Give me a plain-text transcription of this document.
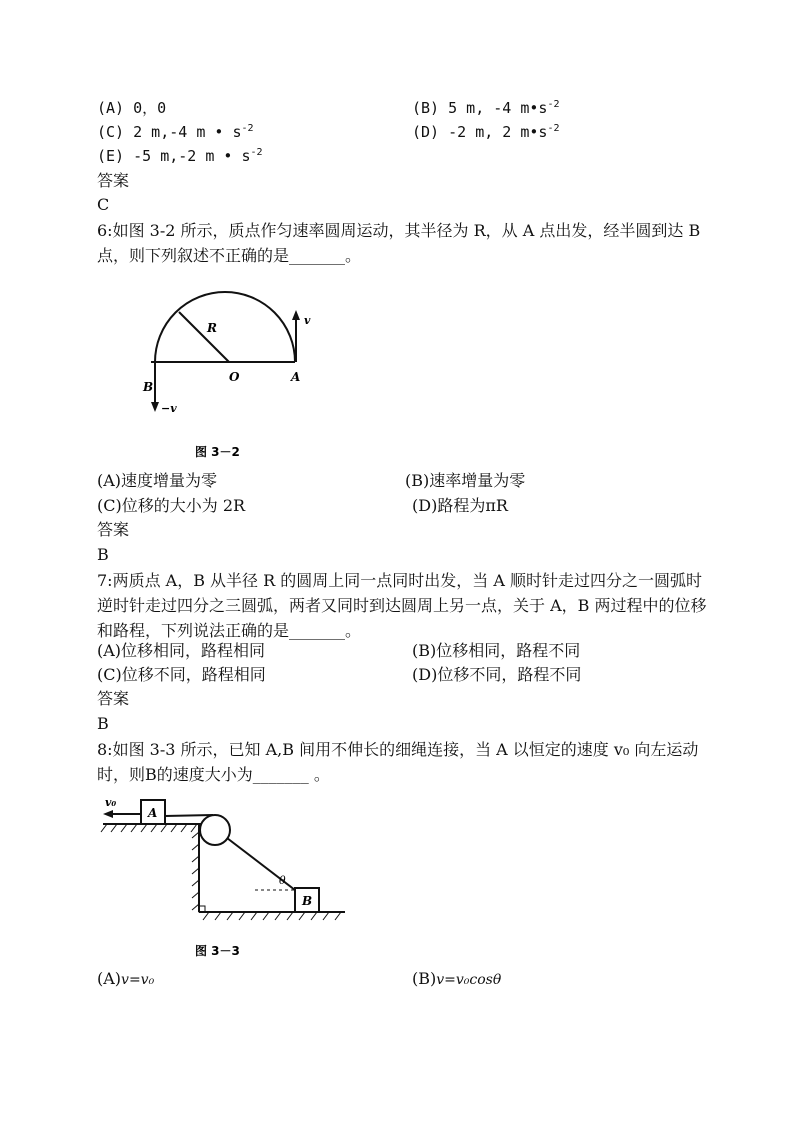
(A) 0，0	(B) 5 m, -4 $m•s^{-2}$
(C) 2 m,-4 m • $s^{-2}$	(D) -2 m, 2 $m•s^{-2}$
(E) -5 m,-2 m • $s^{-2}$
答案
C
6:如图 3-2 所示，质点作匀速率圆周运动，其半径为 R，从 A 点出发，经半圆到达 B 点，则下列叙述不正确的是_______。
R
O	A
B
v
−v
图 3－2
(A)速度增量为零	(B)速率增量为零
(C)位移的大小为 2R	(D)路程为πR
答案
B
7:两质点 A，B 从半径 R 的圆周上同一点同时出发，当 A 顺时针走过四分之一圆弧时逆时针走过四分之三圆弧，两者又同时到达圆周上另一点，关于 A，B 两过程中的位移和路程，下列说法正确的是_______。
(A)位移相同，路程相同	(B)位移相同，路程不同
(C)位移不同，路程相同	(D)位移不同，路程不同
答案
B
8:如图 3-3 所示，已知 A,B 间用不伸长的细绳连接，当 A 以恒定的速度 v₀ 向左运动时，则B的速度大小为_______ 。
A
v₀
B
θ
图 3－3
(A)v=v₀	(B)v=v₀cosθ
